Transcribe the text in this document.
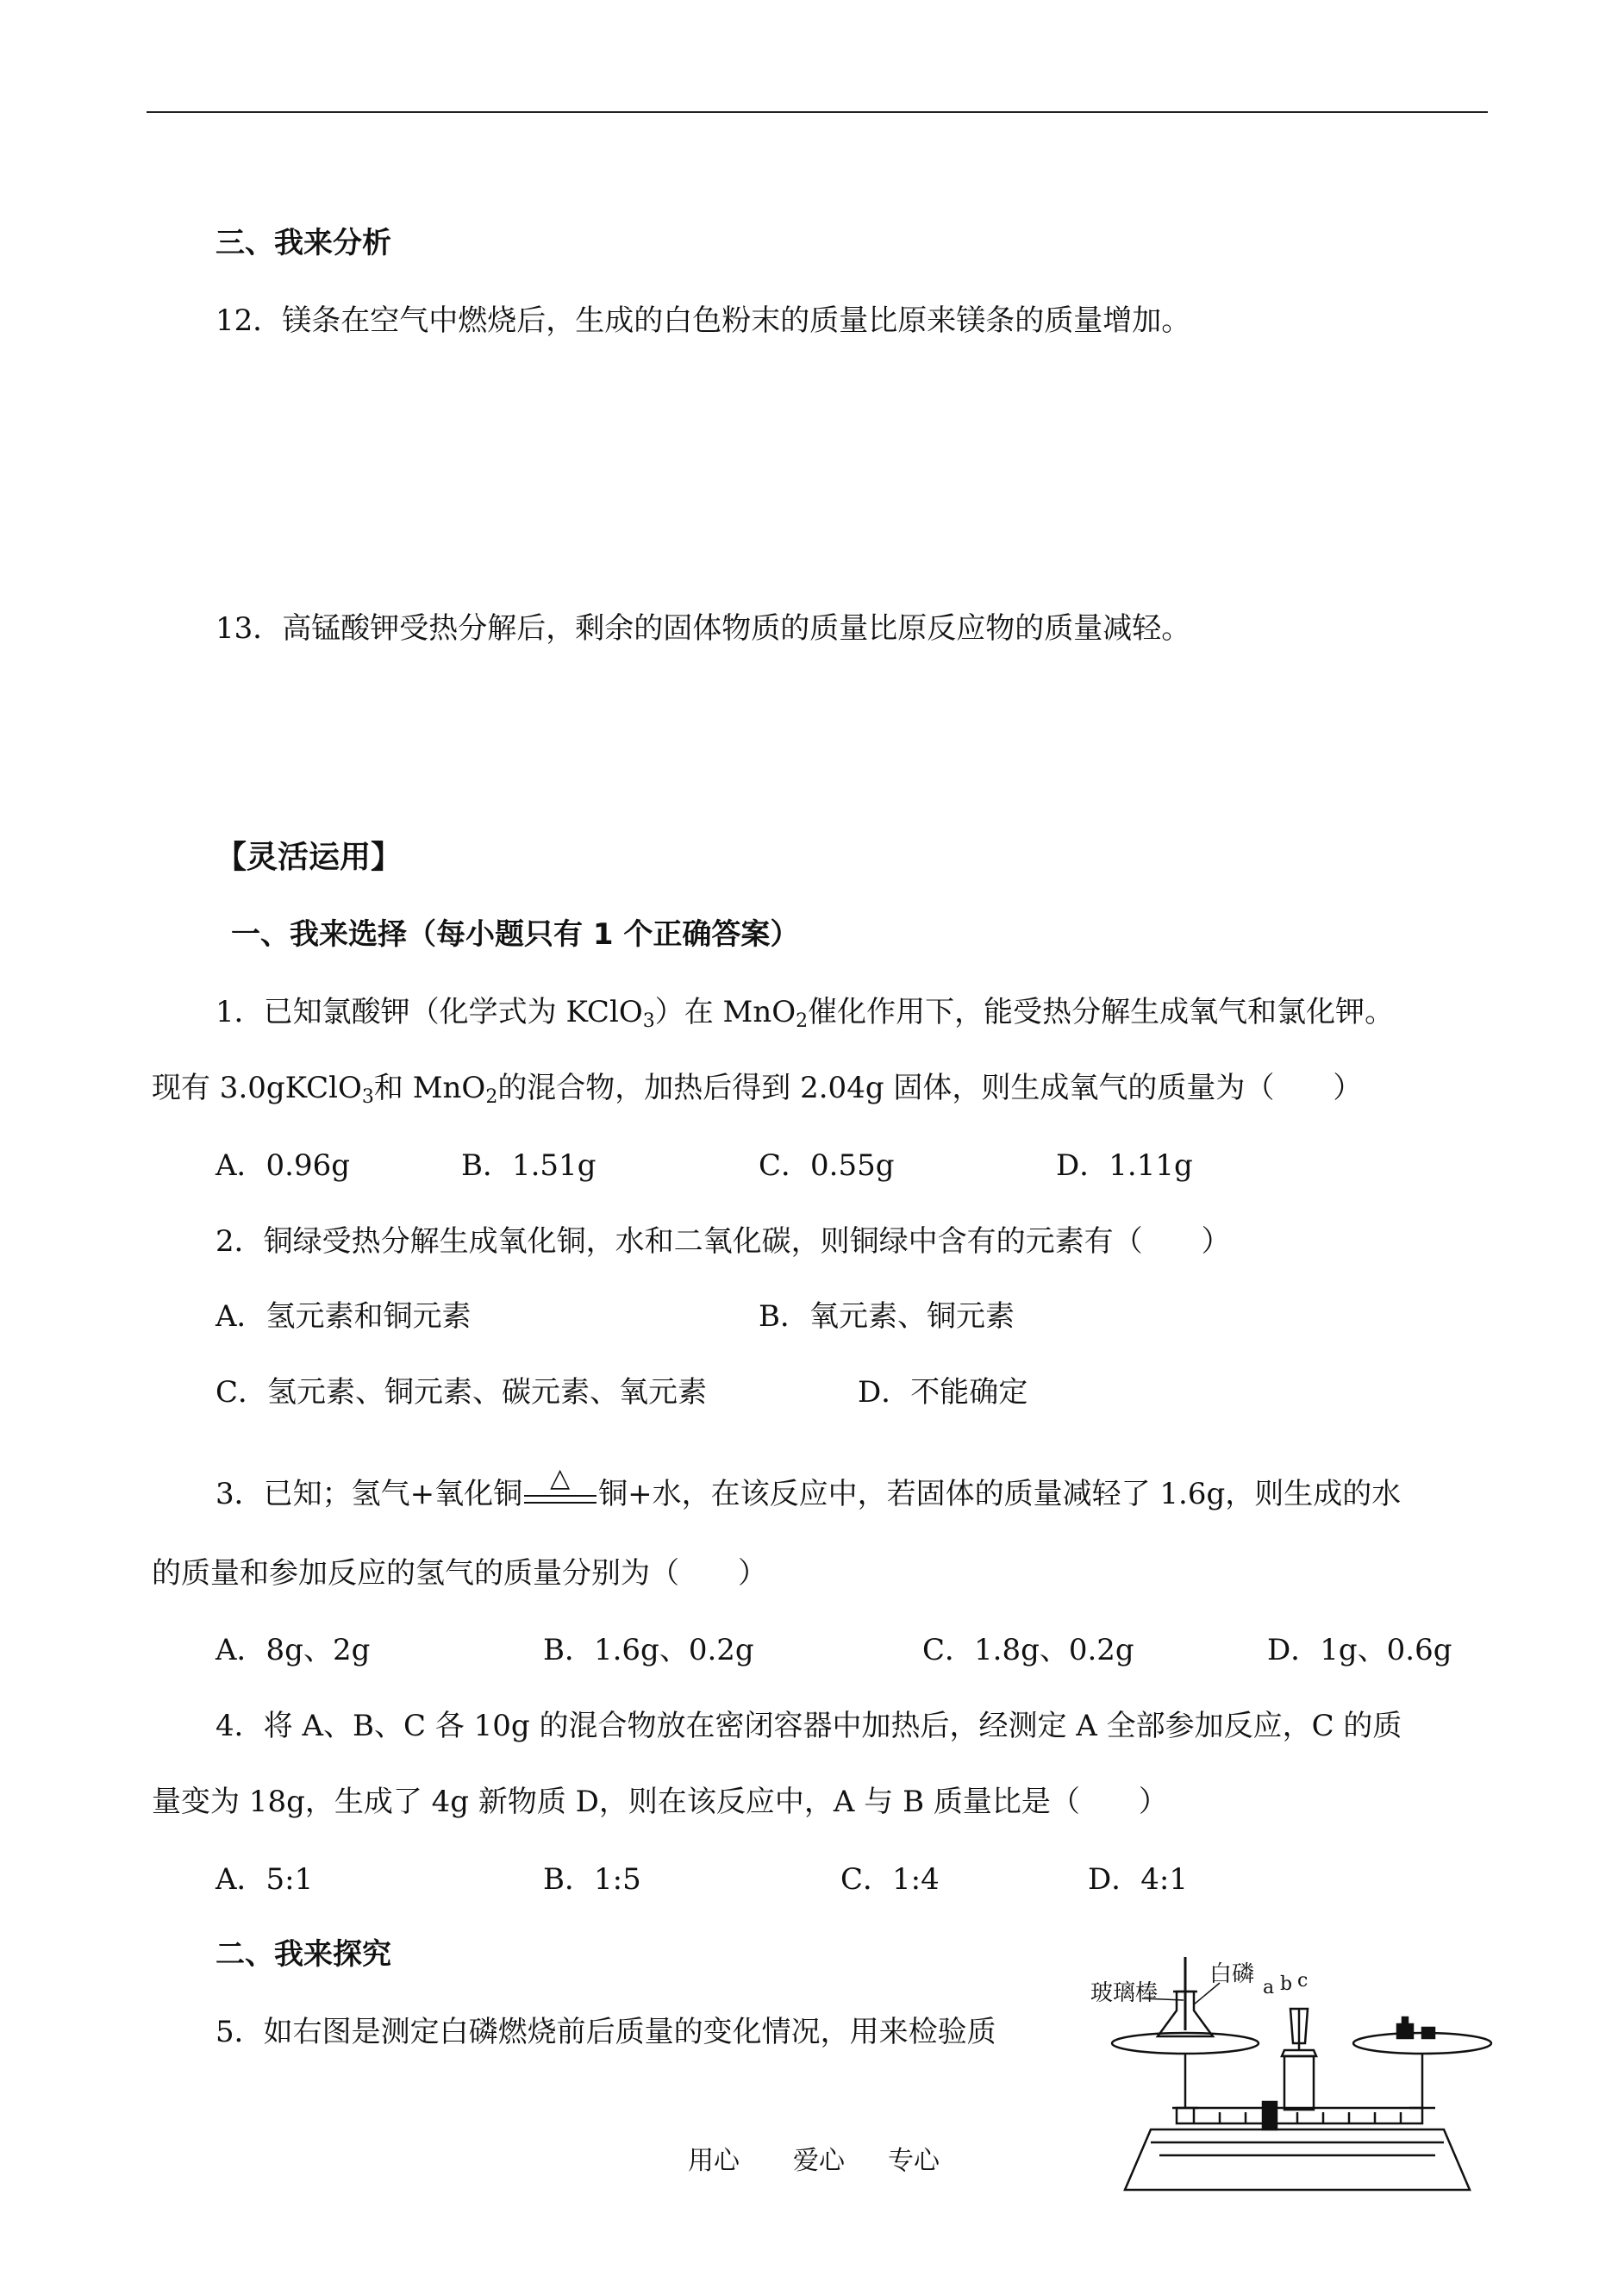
三、我来分析
12．镁条在空气中燃烧后，生成的白色粉末的质量比原来镁条的质量增加。
13．高锰酸钾受热分解后，剩余的固体物质的质量比原反应物的质量减轻。
【灵活运用】
一、我来选择（每小题只有 1 个正确答案）
1．已知氯酸钾（化学式为 KClO$_3$）在 MnO$_2$催化作用下，能受热分解生成氧气和氯化钾。
现有 3.0gKClO$_3$和 MnO$_2$的混合物，加热后得到 2.04g 固体，则生成氧气的质量为（　　）
A．0.96g	B．1.51g	C．0.55g	D．1.11g
2．铜绿受热分解生成氧化铜，水和二氧化碳，则铜绿中含有的元素有（　　）
A．氢元素和铜元素	B．氧元素、铜元素
C．氢元素、铜元素、碳元素、氧元素	D．不能确定
3．已知；氢气+氧化铜 △ 铜+水，在该反应中，若固体的质量减轻了 1.6g，则生成的水
的质量和参加反应的氢气的质量分别为（　　）
A．8g、2g	B．1.6g、0.2g	C．1.8g、0.2g	D．1g、0.6g
4．将 A、B、C 各 10g 的混合物放在密闭容器中加热后，经测定 A 全部参加反应，C 的质
量变为 18g，生成了 4g 新物质 D，则在该反应中，A 与 B 质量比是（　　）
A．5:1	B．1:5	C．1:4	D．4:1
二、我来探究
5．如右图是测定白磷燃烧前后质量的变化情况，用来检验质
玻璃棒
白磷
a b c
用心 爱心 专心
